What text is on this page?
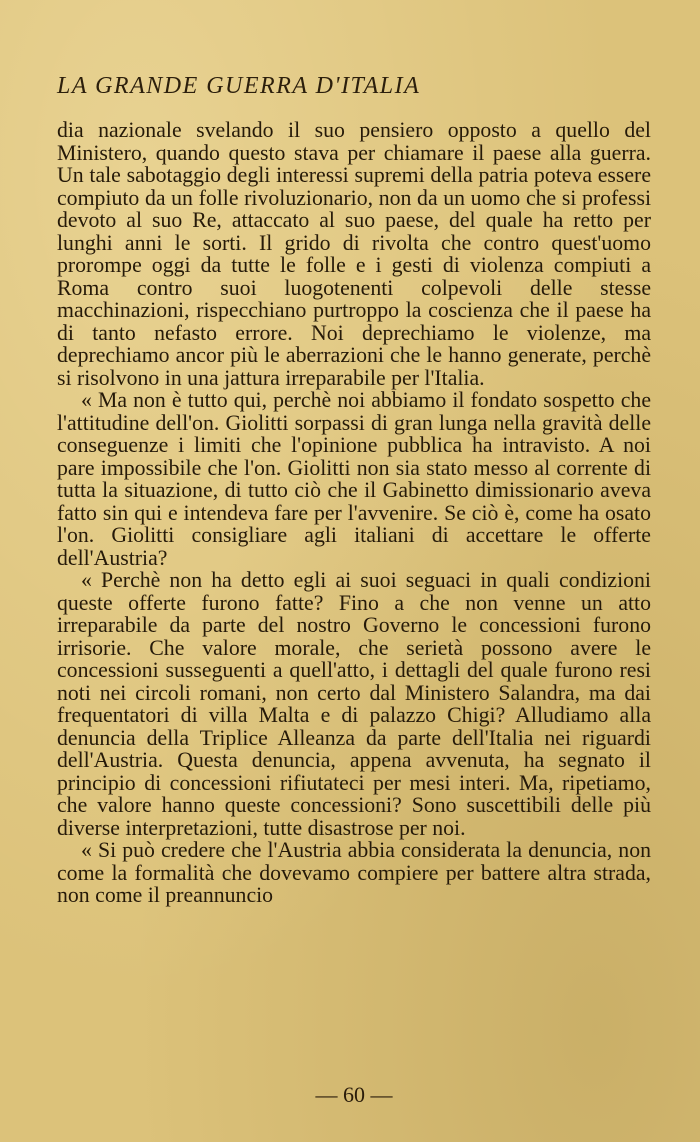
LA GRANDE GUERRA D'ITALIA

dia nazionale svelando il suo pensiero opposto a quello del Ministero, quando questo stava per chiamare il paese alla guerra. Un tale sabotaggio degli interessi supremi della patria poteva essere compiuto da un folle rivoluzionario, non da un uomo che si professi devoto al suo Re, attaccato al suo paese, del quale ha retto per lunghi anni le sorti. Il grido di rivolta che contro quest'uomo prorompe oggi da tutte le folle e i gesti di violenza compiuti a Roma contro suoi luogotenenti colpevoli delle stesse macchinazioni, rispecchiano purtroppo la coscienza che il paese ha di tanto nefasto errore. Noi deprechiamo le violenze, ma deprechiamo ancor più le aberrazioni che le hanno generate, perchè si risolvono in una jattura irreparabile per l'Italia.

« Ma non è tutto qui, perchè noi abbiamo il fondato sospetto che l'attitudine dell'on. Giolitti sorpassi di gran lunga nella gravità delle conseguenze i limiti che l'opinione pubblica ha intravisto. A noi pare impossibile che l'on. Giolitti non sia stato messo al corrente di tutta la situazione, di tutto ciò che il Gabinetto dimissionario aveva fatto sin qui e intendeva fare per l'avvenire. Se ciò è, come ha osato l'on. Giolitti consigliare agli italiani di accettare le offerte dell'Austria?

« Perchè non ha detto egli ai suoi seguaci in quali condizioni queste offerte furono fatte? Fino a che non venne un atto irreparabile da parte del nostro Governo le concessioni furono irrisorie. Che valore morale, che serietà possono avere le concessioni susseguenti a quell'atto, i dettagli del quale furono resi noti nei circoli romani, non certo dal Ministero Salandra, ma dai frequentatori di villa Malta e di palazzo Chigi? Alludiamo alla denuncia della Triplice Alleanza da parte dell'Italia nei riguardi dell'Austria. Questa denuncia, appena avvenuta, ha segnato il principio di concessioni rifiutateci per mesi interi. Ma, ripetiamo, che valore hanno queste concessioni? Sono suscettibili delle più diverse interpretazioni, tutte disastrose per noi.

« Si può credere che l'Austria abbia considerata la denuncia, non come la formalità che dovevamo compiere per battere altra strada, non come il preannuncio

— 60 —
